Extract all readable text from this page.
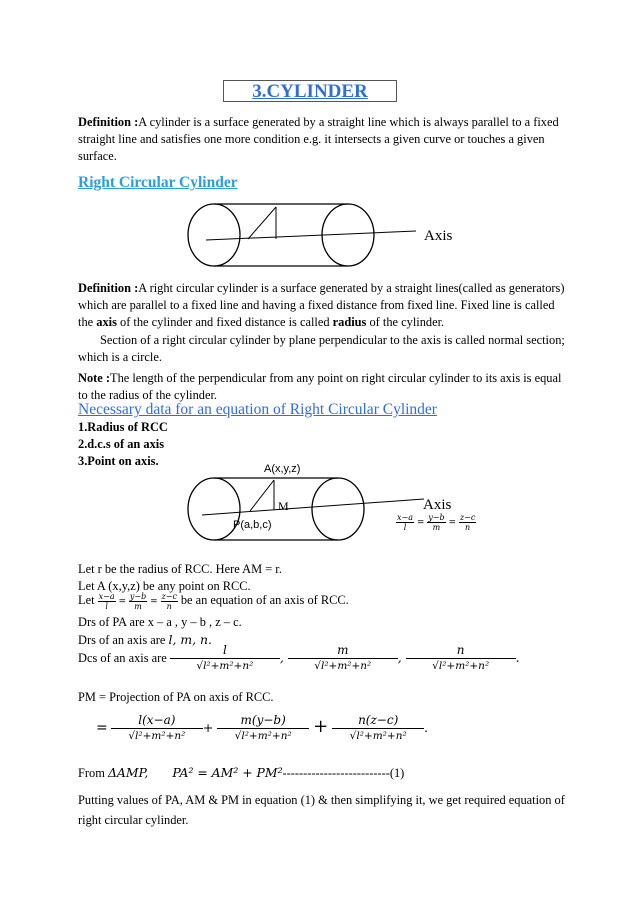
3.CYLINDER
Definition :A cylinder is a surface generated by a straight line which is always parallel to a fixed straight line and satisfies one more condition e.g. it intersects a given curve or touches a given surface.
Right Circular Cylinder
Axis
Definition :A right circular cylinder is a surface generated by a straight lines(called as generators) which are parallel to a fixed line and having a fixed distance from fixed line. Fixed line is called the axis of the cylinder and fixed distance is called radius of the cylinder.
Section of a right circular cylinder by plane perpendicular to the axis is called normal section; which is a circle.
Note :The length of the perpendicular from any point on right circular cylinder to its axis is equal to the radius of the cylinder.
Necessary data for an equation of Right Circular Cylinder
1.Radius of RCC
2.d.c.s of an axis
3.Point on axis.
A(x,y,z)
M
P(a,b,c)
Axis
$\frac{x-a}{l} = \frac{y-b}{m} = \frac{z-c}{n}$
Let r be the radius of RCC. Here AM = r.
Let A (x,y,z) be any point on RCC.
Let $\frac{x-a}{l} = \frac{y-b}{m} = \frac{z-c}{n}$ be an equation of an axis of RCC.
Drs of PA are x – a , y – b , z – c.
Drs of an axis are l, m, n.
Dcs of an axis are $\frac{l}{\text{√l²+m²+n²}}$ , $\frac{m}{\text{√l²+m²+n²}}$ , $\frac{n}{\text{√l²+m²+n²}}$ .
PM = Projection of PA on axis of RCC.
= $\frac{l(x-a)}{\text{√l²+m²+n²}} + \frac{m(y-b)}{\text{√l²+m²+n²}} + \frac{n(z-c)}{\text{√l²+m²+n²}}$ .
From ΔAMP, PA² = AM² + PM²--------------------------(1)
Putting values of PA, AM & PM in equation (1) & then simplifying it, we get required equation of right circular cylinder.
